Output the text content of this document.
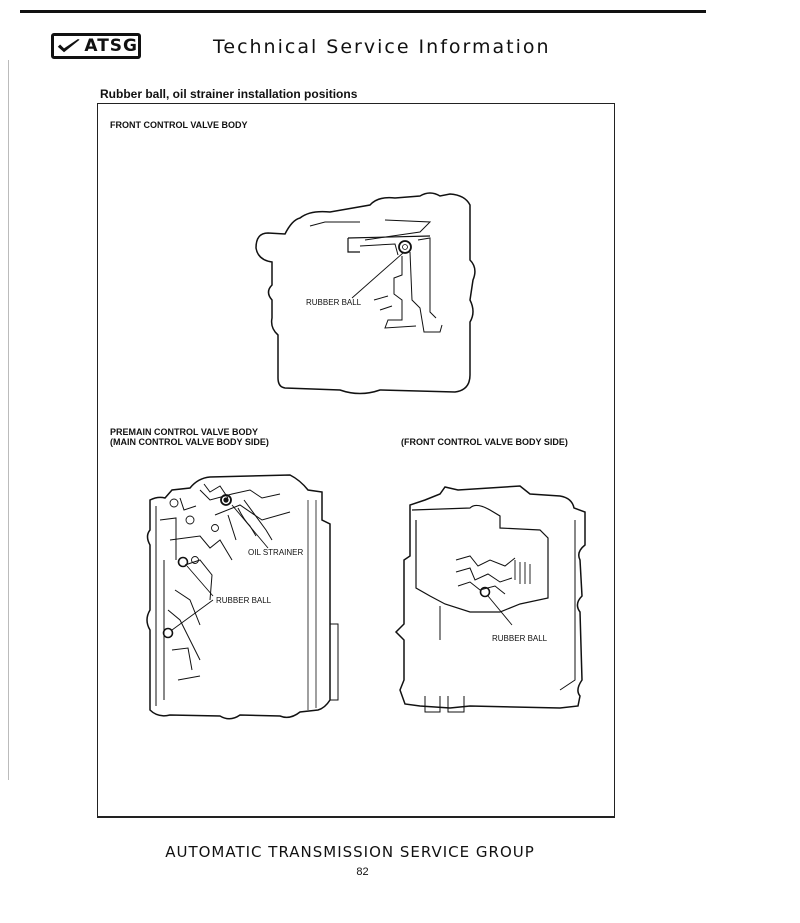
ATSG	Technical Service Information
Rubber ball, oil strainer installation positions
FRONT CONTROL VALVE BODY
PREMAIN CONTROL VALVE BODY
(MAIN CONTROL VALVE BODY SIDE)	(FRONT CONTROL VALVE BODY SIDE)
RUBBER BALL
OIL STRAINER
RUBBER BALL
RUBBER BALL
AUTOMATIC TRANSMISSION SERVICE GROUP
82
